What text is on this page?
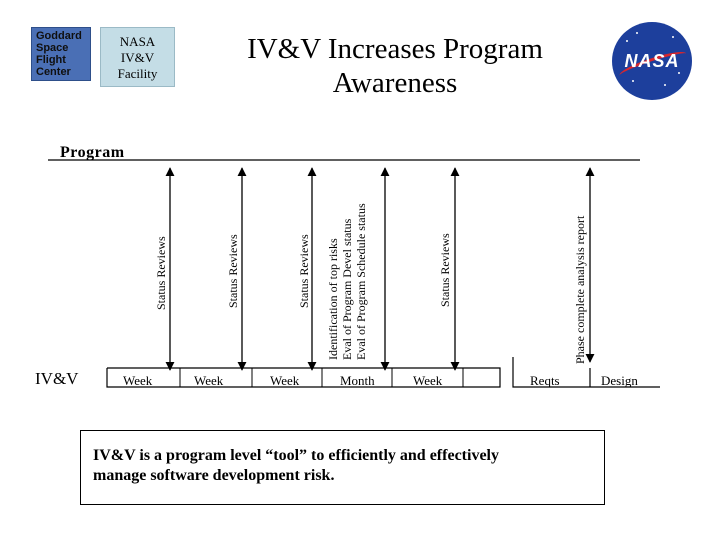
Goddard
Space
Flight
Center
NASA
IV&V
Facility
IV&V Increases Program
Awareness
NASA
Program
IV&V
Status Reviews	Status Reviews	Status Reviews Identification of top risks Eval of Program Devel status Eval of Program Schedule status	Status Reviews	Phase complete analysis report
Week	Week	Week	Month	Week	Reqts	Design
IV&V is a program level “tool” to efficiently and effectively
manage software development risk.
